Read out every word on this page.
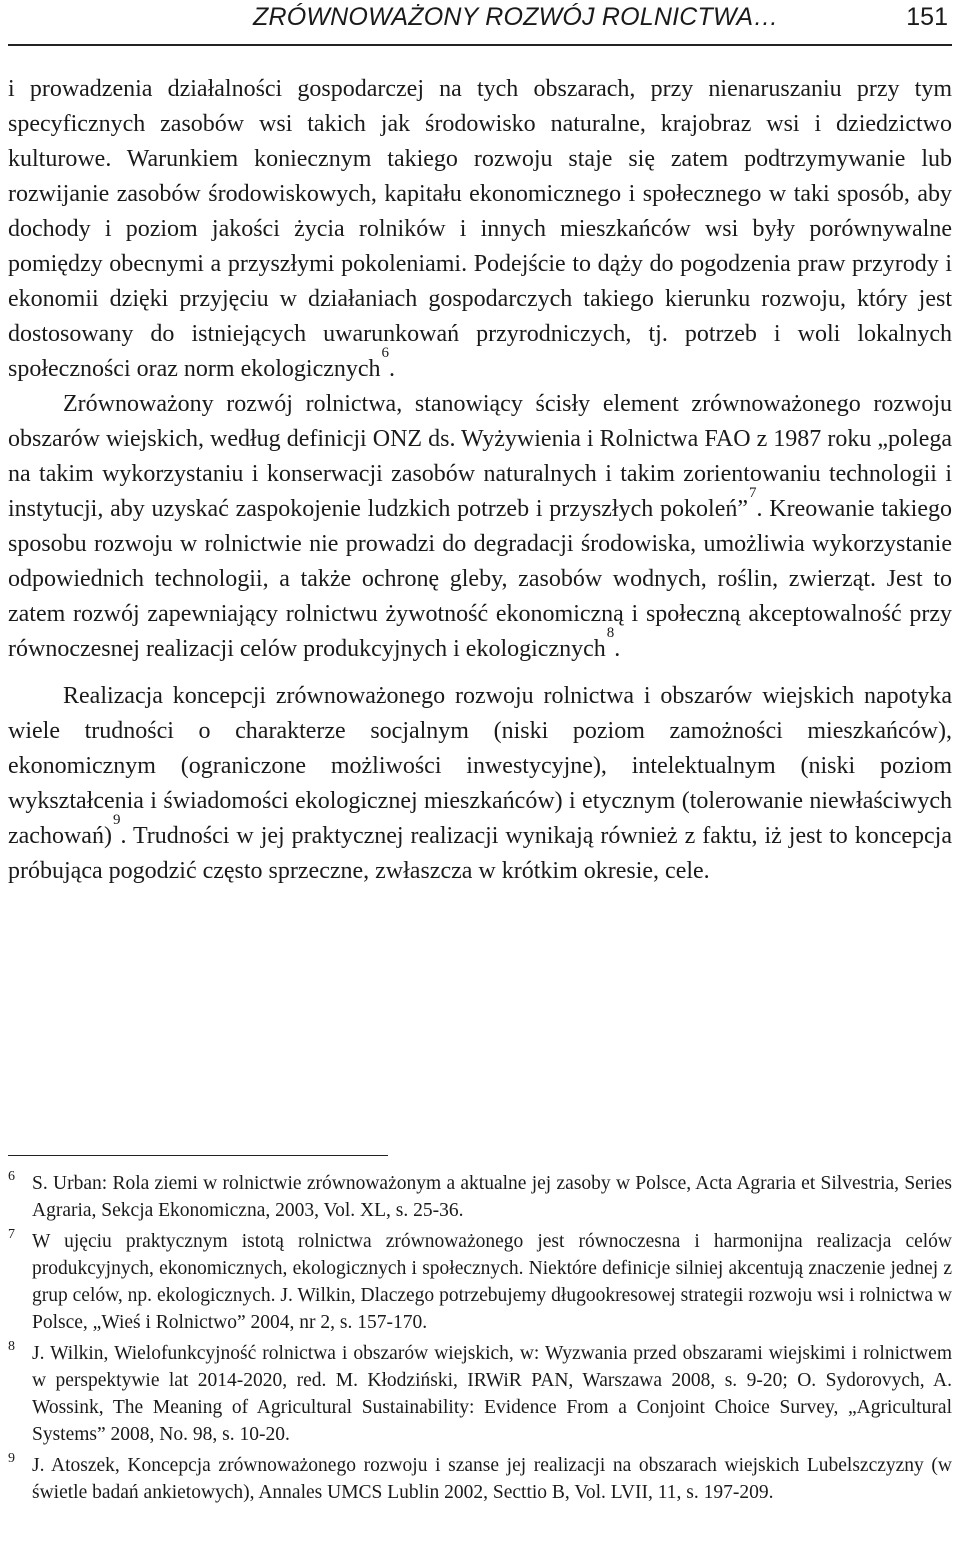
ZRÓWNOWAŻONY ROZWÓJ ROLNICTWA…	151

i prowadzenia działalności gospodarczej na tych obszarach, przy nienaruszaniu przy tym specyficznych zasobów wsi takich jak środowisko naturalne, krajobraz wsi i dziedzictwo kulturowe. Warunkiem koniecznym takiego rozwoju staje się zatem podtrzymywanie lub rozwijanie zasobów środowiskowych, kapitału ekonomicznego i społecznego w taki sposób, aby dochody i poziom jakości życia rolników i innych mieszkańców wsi były porównywalne pomiędzy obecnymi a przyszłymi pokoleniami. Podejście to dąży do pogodzenia praw przyrody i ekonomii dzięki przyjęciu w działaniach gospodarczych takiego kierunku rozwoju, który jest dostosowany do istniejących uwarunkowań przyrodniczych, tj. potrzeb i woli lokalnych społeczności oraz norm ekologicznych$^6$.

Zrównoważony rozwój rolnictwa, stanowiący ścisły element zrównoważonego rozwoju obszarów wiejskich, według definicji ONZ ds. Wyżywienia i Rolnictwa FAO z 1987 roku „polega na takim wykorzystaniu i konserwacji zasobów naturalnych i takim zorientowaniu technologii i instytucji, aby uzyskać zaspokojenie ludzkich potrzeb i przyszłych pokoleń”$^7$. Kreowanie takiego sposobu rozwoju w rolnictwie nie prowadzi do degradacji środowiska, umożliwia wykorzystanie odpowiednich technologii, a także ochronę gleby, zasobów wodnych, roślin, zwierząt. Jest to zatem rozwój zapewniający rolnictwu żywotność ekonomiczną i społeczną akceptowalność przy równoczesnej realizacji celów produkcyjnych i ekologicznych$^8$.

Realizacja koncepcji zrównoważonego rozwoju rolnictwa i obszarów wiejskich napotyka wiele trudności o charakterze socjalnym (niski poziom zamożności mieszkańców), ekonomicznym (ograniczone możliwości inwestycyjne), intelektualnym (niski poziom wykształcenia i świadomości ekologicznej mieszkańców) i etycznym (tolerowanie niewłaściwych zachowań)$^9$. Trudności w jej praktycznej realizacji wynikają również z faktu, iż jest to koncepcja próbująca pogodzić często sprzeczne, zwłaszcza w krótkim okresie, cele.

6 S. Urban: Rola ziemi w rolnictwie zrównoważonym a aktualne jej zasoby w Polsce, Acta Agraria et Silvestria, Series Agraria, Sekcja Ekonomiczna, 2003, Vol. XL, s. 25-36.
7 W ujęciu praktycznym istotą rolnictwa zrównoważonego jest równoczesna i harmonijna realizacja celów produkcyjnych, ekonomicznych, ekologicznych i społecznych. Niektóre definicje silniej akcentują znaczenie jednej z grup celów, np. ekologicznych. J. Wilkin, Dlaczego potrzebujemy długookresowej strategii rozwoju wsi i rolnictwa w Polsce, „Wieś i Rolnictwo” 2004, nr 2, s. 157-170.
8 J. Wilkin, Wielofunkcyjność rolnictwa i obszarów wiejskich, w: Wyzwania przed obszarami wiejskimi i rolnictwem w perspektywie lat 2014-2020, red. M. Kłodziński, IRWiR PAN, Warszawa 2008, s. 9-20; O. Sydorovych, A. Wossink, The Meaning of Agricultural Sustainability: Evidence From a Conjoint Choice Survey, „Agricultural Systems” 2008, No. 98, s. 10-20.
9 J. Atoszek, Koncepcja zrównoważonego rozwoju i szanse jej realizacji na obszarach wiejskich Lubelszczyzny (w świetle badań ankietowych), Annales UMCS Lublin 2002, Secttio B, Vol. LVII, 11, s. 197-209.
